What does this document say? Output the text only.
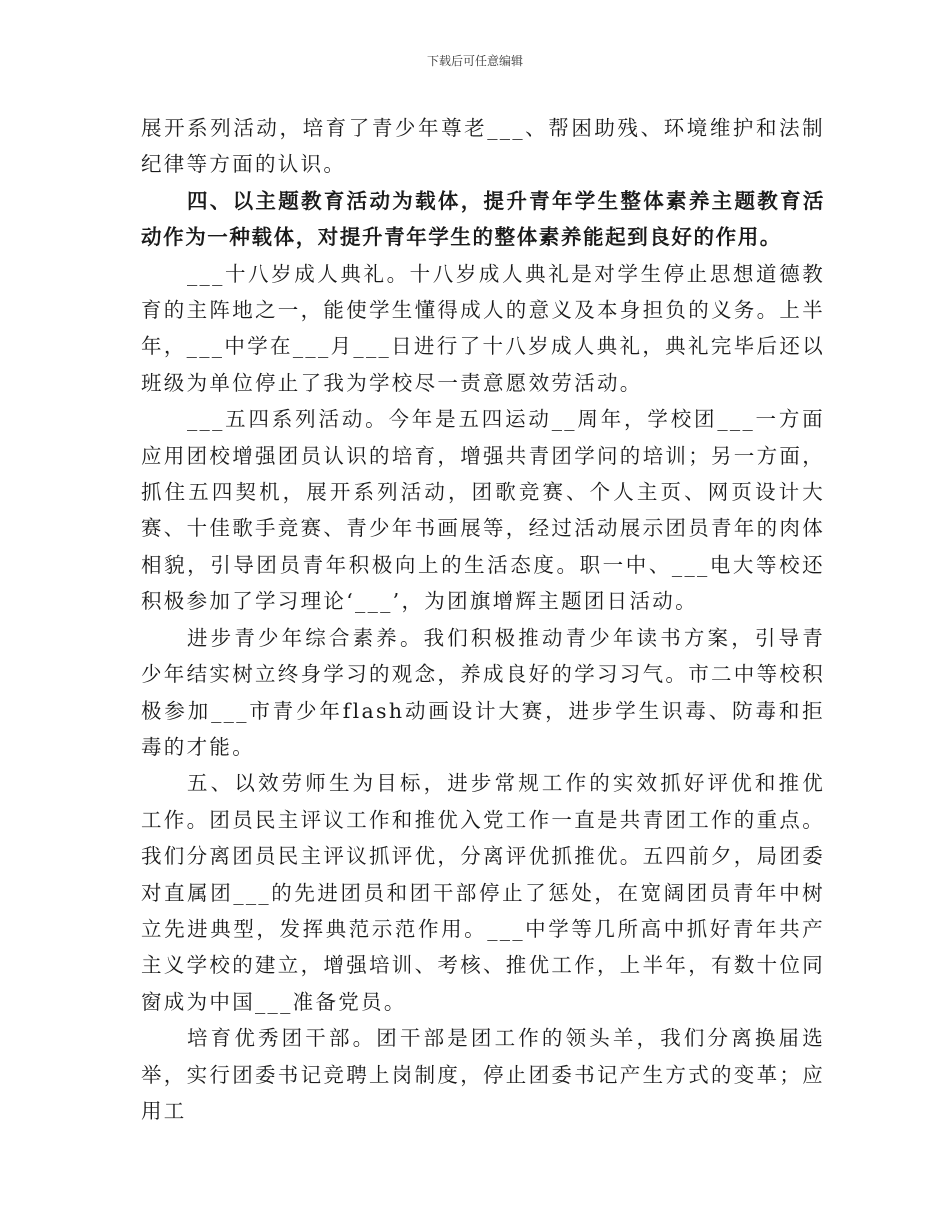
下载后可任意编辑

展开系列活动，培育了青少年尊老___、帮困助残、环境维护和法制纪律等方面的认识。

四、以主题教育活动为载体，提升青年学生整体素养主题教育活动作为一种载体，对提升青年学生的整体素养能起到良好的作用。

___十八岁成人典礼。十八岁成人典礼是对学生停止思想道德教育的主阵地之一，能使学生懂得成人的意义及本身担负的义务。上半年，___中学在___月___日进行了十八岁成人典礼，典礼完毕后还以班级为单位停止了我为学校尽一责意愿效劳活动。

___五四系列活动。今年是五四运动__周年，学校团___一方面应用团校增强团员认识的培育，增强共青团学问的培训；另一方面，抓住五四契机，展开系列活动，团歌竞赛、个人主页、网页设计大赛、十佳歌手竞赛、青少年书画展等，经过活动展示团员青年的肉体相貌，引导团员青年积极向上的生活态度。职一中、___电大等校还积极参加了学习理论‘___’，为团旗增辉主题团日活动。

进步青少年综合素养。我们积极推动青少年读书方案，引导青少年结实树立终身学习的观念，养成良好的学习习气。市二中等校积极参加___市青少年flash动画设计大赛，进步学生识毒、防毒和拒毒的才能。

五、以效劳师生为目标，进步常规工作的实效抓好评优和推优工作。团员民主评议工作和推优入党工作一直是共青团工作的重点。我们分离团员民主评议抓评优，分离评优抓推优。五四前夕，局团委对直属团___的先进团员和团干部停止了惩处，在宽阔团员青年中树立先进典型，发挥典范示范作用。___中学等几所高中抓好青年共产主义学校的建立，增强培训、考核、推优工作，上半年，有数十位同窗成为中国___准备党员。

培育优秀团干部。团干部是团工作的领头羊，我们分离换届选举，实行团委书记竞聘上岗制度，停止团委书记产生方式的变革；应用工
